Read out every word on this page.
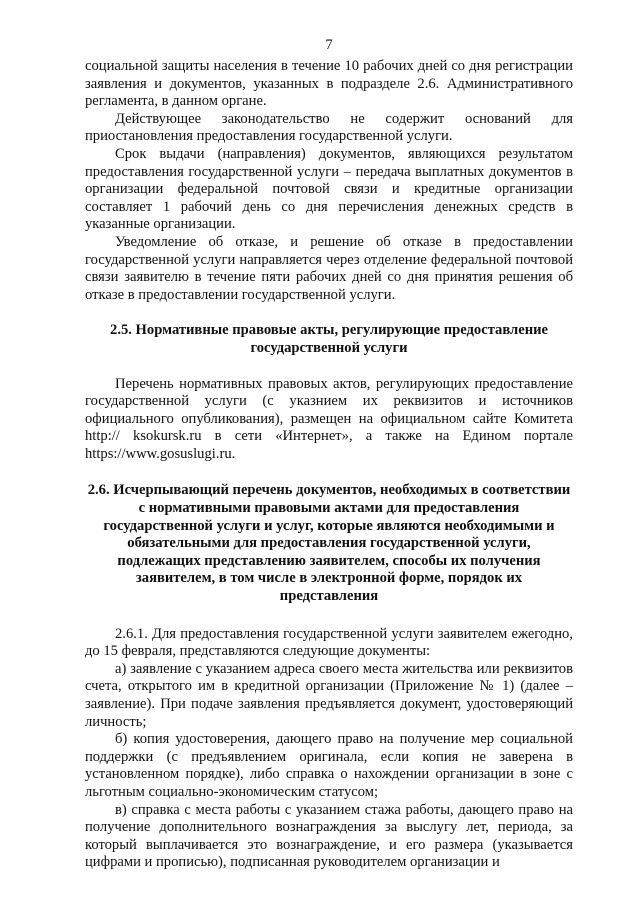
7

социальной защиты населения в течение 10 рабочих дней со дня регистрации заявления и документов, указанных в подразделе 2.6. Административного регламента, в данном органе.

Действующее законодательство не содержит оснований для приостановления предоставления государственной услуги.

Срок выдачи (направления) документов, являющихся результатом предоставления государственной услуги – передача выплатных документов в организации федеральной почтовой связи и кредитные организации составляет 1 рабочий день со дня перечисления денежных средств в указанные организации.

Уведомление об отказе, и решение об отказе в предоставлении государственной услуги направляется через отделение федеральной почтовой связи заявителю в течение пяти рабочих дней со дня принятия решения об отказе в предоставлении государственной услуги.

2.5. Нормативные правовые акты, регулирующие предоставление государственной услуги

Перечень нормативных правовых актов, регулирующих предоставление государственной услуги (с указнием их реквизитов и источников официального опубликования), размещен на официальном сайте Комитета http:// ksokursk.ru в сети «Интернет», а также на Едином портале https://www.gosuslugi.ru.

2.6. Исчерпывающий перечень документов, необходимых в соответствии с нормативными правовыми актами для предоставления государственной услуги и услуг, которые являются необходимыми и обязательными для предоставления государственной услуги, подлежащих представлению заявителем, способы их получения заявителем, в том числе в электронной форме, порядок их представления

2.6.1. Для предоставления государственной услуги заявителем ежегодно, до 15 февраля, представляются следующие документы:

а) заявление с указанием адреса своего места жительства или реквизитов счета, открытого им в кредитной организации (Приложение № 1) (далее – заявление). При подаче заявления предъявляется документ, удостоверяющий личность;

б) копия удостоверения, дающего право на получение мер социальной поддержки (с предъявлением оригинала, если копия не заверена в установленном порядке), либо справка о нахождении организации в зоне с льготным социально-экономическим статусом;

в) справка с места работы с указанием стажа работы, дающего право на получение дополнительного вознаграждения за выслугу лет, периода, за который выплачивается это вознаграждение, и его размера (указывается цифрами и прописью), подписанная руководителем организации и
